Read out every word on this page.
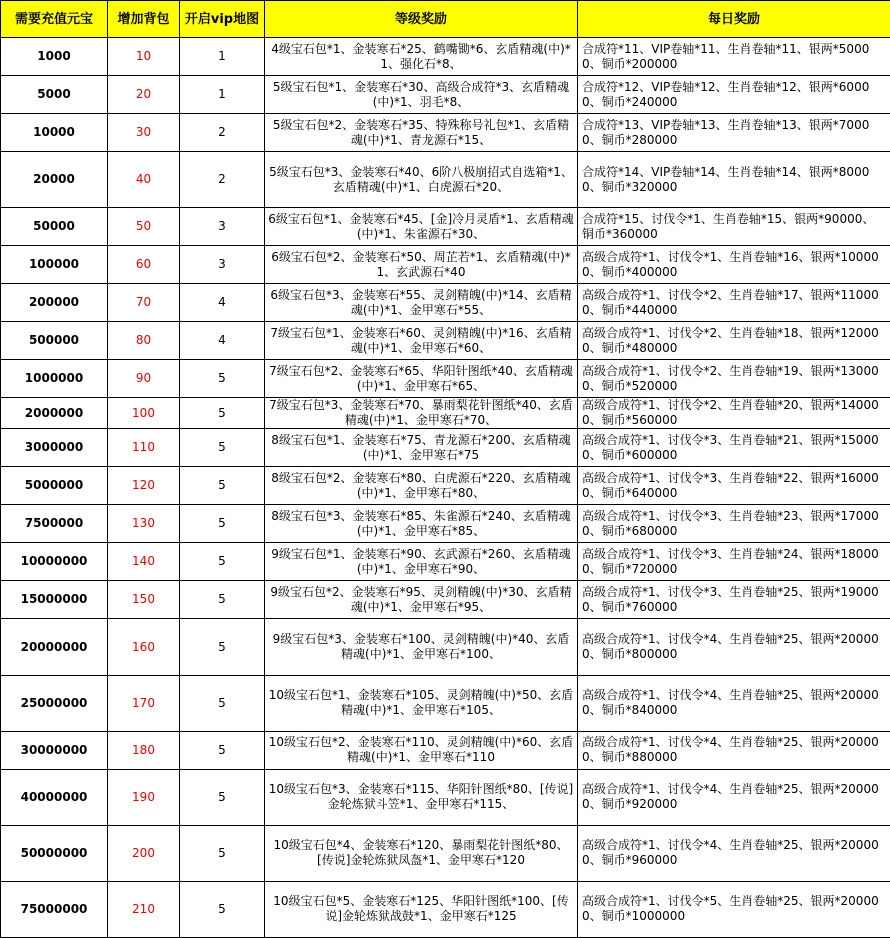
需要充值元宝	增加背包	开启vip地图	等级奖励	每日奖励
1000	10	1	4级宝石包*1、金装寒石*25、鹤嘴锄*6、玄盾精魂(中)*1、强化石*8、	合成符*11、VIP卷轴*11、生肖卷轴*11、银两*50000、铜币*200000
5000	20	1	5级宝石包*1、金装寒石*30、高级合成符*3、玄盾精魂(中)*1、羽毛*8、	合成符*12、VIP卷轴*12、生肖卷轴*12、银两*60000、铜币*240000
10000	30	2	5级宝石包*2、金装寒石*35、特殊称号礼包*1、玄盾精魂(中)*1、青龙源石*15、	合成符*13、VIP卷轴*13、生肖卷轴*13、银两*70000、铜币*280000
20000	40	2	5级宝石包*3、金装寒石*40、6阶八极崩招式自选箱*1、玄盾精魂(中)*1、白虎源石*20、	合成符*14、VIP卷轴*14、生肖卷轴*14、银两*80000、铜币*320000
50000	50	3	6级宝石包*1、金装寒石*45、[金]冷月灵盾*1、玄盾精魂(中)*1、朱雀源石*30、	合成符*15、讨伐令*1、生肖卷轴*15、银两*90000、铜币*360000
100000	60	3	6级宝石包*2、金装寒石*50、周芷若*1、玄盾精魂(中)*1、玄武源石*40	高级合成符*1、讨伐令*1、生肖卷轴*16、银两*100000、铜币*400000
200000	70	4	6级宝石包*3、金装寒石*55、灵剑精魄(中)*14、玄盾精魂(中)*1、金甲寒石*55、	高级合成符*1、讨伐令*2、生肖卷轴*17、银两*110000、铜币*440000
500000	80	4	7级宝石包*1、金装寒石*60、灵剑精魄(中)*16、玄盾精魂(中)*1、金甲寒石*60、	高级合成符*1、讨伐令*2、生肖卷轴*18、银两*120000、铜币*480000
1000000	90	5	7级宝石包*2、金装寒石*65、华阳针图纸*40、玄盾精魂(中)*1、金甲寒石*65、	高级合成符*1、讨伐令*2、生肖卷轴*19、银两*130000、铜币*520000
2000000	100	5	7级宝石包*3、金装寒石*70、暴雨梨花针图纸*40、玄盾精魂(中)*1、金甲寒石*70、	高级合成符*1、讨伐令*2、生肖卷轴*20、银两*140000、铜币*560000
3000000	110	5	8级宝石包*1、金装寒石*75、青龙源石*200、玄盾精魂(中)*1、金甲寒石*75	高级合成符*1、讨伐令*3、生肖卷轴*21、银两*150000、铜币*600000
5000000	120	5	8级宝石包*2、金装寒石*80、白虎源石*220、玄盾精魂(中)*1、金甲寒石*80、	高级合成符*1、讨伐令*3、生肖卷轴*22、银两*160000、铜币*640000
7500000	130	5	8级宝石包*3、金装寒石*85、朱雀源石*240、玄盾精魂(中)*1、金甲寒石*85、	高级合成符*1、讨伐令*3、生肖卷轴*23、银两*170000、铜币*680000
10000000	140	5	9级宝石包*1、金装寒石*90、玄武源石*260、玄盾精魂(中)*1、金甲寒石*90、	高级合成符*1、讨伐令*3、生肖卷轴*24、银两*180000、铜币*720000
15000000	150	5	9级宝石包*2、金装寒石*95、灵剑精魄(中)*30、玄盾精魂(中)*1、金甲寒石*95、	高级合成符*1、讨伐令*3、生肖卷轴*25、银两*190000、铜币*760000
20000000	160	5	9级宝石包*3、金装寒石*100、灵剑精魄(中)*40、玄盾精魂(中)*1、金甲寒石*100、	高级合成符*1、讨伐令*4、生肖卷轴*25、银两*200000、铜币*800000
25000000	170	5	10级宝石包*1、金装寒石*105、灵剑精魄(中)*50、玄盾精魂(中)*1、金甲寒石*105、	高级合成符*1、讨伐令*4、生肖卷轴*25、银两*200000、铜币*840000
30000000	180	5	10级宝石包*2、金装寒石*110、灵剑精魄(中)*60、玄盾精魂(中)*1、金甲寒石*110	高级合成符*1、讨伐令*4、生肖卷轴*25、银两*200000、铜币*880000
40000000	190	5	10级宝石包*3、金装寒石*115、华阳针图纸*80、[传说]金轮炼狱斗笠*1、金甲寒石*115、	高级合成符*1、讨伐令*4、生肖卷轴*25、银两*200000、铜币*920000
50000000	200	5	10级宝石包*4、金装寒石*120、暴雨梨花针图纸*80、[传说]金轮炼狱凤盔*1、金甲寒石*120	高级合成符*1、讨伐令*4、生肖卷轴*25、银两*200000、铜币*960000
75000000	210	5	10级宝石包*5、金装寒石*125、华阳针图纸*100、[传说]金轮炼狱战鼓*1、金甲寒石*125	高级合成符*1、讨伐令*5、生肖卷轴*25、银两*200000、铜币*1000000
